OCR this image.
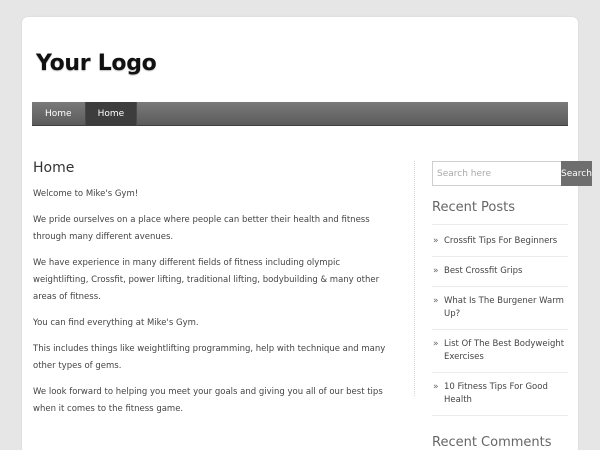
Your Logo
Home	Home
Home

Welcome to Mike's Gym!

We pride ourselves on a place where people can better their health and fitness through many different avenues.

We have experience in many different fields of fitness including olympic weightlifting, Crossfit, power lifting, traditional lifting, bodybuilding & many other areas of fitness.

You can find everything at Mike's Gym.

This includes things like weightlifting programming, help with technique and many other types of gems.

We look forward to helping you meet your goals and giving you all of our best tips when it comes to the fitness game.

Search here
Search
Recent Posts
» Crossfit Tips For Beginners
» Best Crossfit Grips
» What Is The Burgener Warm Up?
» List Of The Best Bodyweight Exercises
» 10 Fitness Tips For Good Health
Recent Comments
